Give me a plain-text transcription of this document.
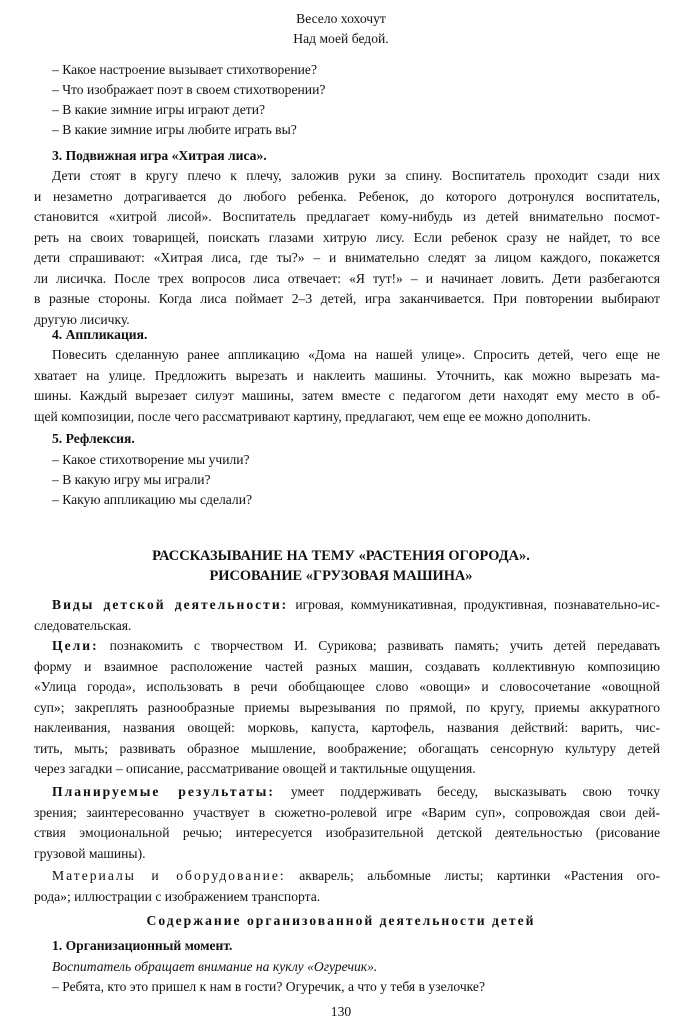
Весело хохочут

Над моей бедой.

– Какое настроение вызывает стихотворение?

– Что изображает поэт в своем стихотворении?

– В какие зимние игры играют дети?

– В какие зимние игры любите играть вы?

3. Подвижная игра «Хитрая лиса».

Дети стоят в кругу плечо к плечу, заложив руки за спину. Воспитатель проходит сзади них
и незаметно дотрагивается до любого ребенка. Ребенок, до которого дотронулся воспитатель,
становится «хитрой лисой». Воспитатель предлагает кому-нибудь из детей внимательно посмот-
реть на своих товарищей, поискать глазами хитрую лису. Если ребенок сразу не найдет, то все
дети спрашивают: «Хитрая лиса, где ты?» – и внимательно следят за лицом каждого, покажется
ли лисичка. После трех вопросов лиса отвечает: «Я тут!» – и начинает ловить. Дети разбегаются
в разные стороны. Когда лиса поймает 2–3 детей, игра заканчивается. При повторении выбирают
другую лисичку.

4. Аппликация.

Повесить сделанную ранее аппликацию «Дома на нашей улице». Спросить детей, чего еще не
хватает на улице. Предложить вырезать и наклеить машины. Уточнить, как можно вырезать ма-
шины. Каждый вырезает силуэт машины, затем вместе с педагогом дети находят ему место в об-
щей композиции, после чего рассматривают картину, предлагают, чем еще ее можно дополнить.

5. Рефлексия.

– Какое стихотворение мы учили?

– В какую игру мы играли?

– Какую аппликацию мы сделали?

РАССКАЗЫВАНИЕ НА ТЕМУ «РАСТЕНИЯ ОГОРОДА».

РИСОВАНИЕ «ГРУЗОВАЯ МАШИНА»

Виды детской деятельности: игровая, коммуникативная, продуктивная, познавательно-ис-
следовательская.
Цели: познакомить с творчеством И. Сурикова; развивать память; учить детей передавать
форму и взаимное расположение частей разных машин, создавать коллективную композицию
«Улица города», использовать в речи обобщающее слово «овощи» и словосочетание «овощной
суп»; закреплять разнообразные приемы вырезывания по прямой, по кругу, приемы аккуратного
наклеивания, названия овощей: морковь, капуста, картофель, названия действий: варить, чис-
тить, мыть; развивать образное мышление, воображение; обогащать сенсорную культуру детей
через загадки – описание, рассматривание овощей и тактильные ощущения.
Планируемые результаты: умеет поддерживать беседу, высказывать свою точку
зрения; заинтересованно участвует в сюжетно-ролевой игре «Варим суп», сопровождая свои дей-
ствия эмоциональной речью; интересуется изобразительной детской деятельностью (рисование
грузовой машины).
Материалы и оборудование: акварель; альбомные листы; картинки «Растения ого-
рода»; иллюстрации с изображением транспорта.

Содержание организованной деятельности детей

1. Организационный момент.

Воспитатель обращает внимание на куклу «Огуречик».

– Ребята, кто это пришел к нам в гости? Огуречик, а что у тебя в узелочке?

130
